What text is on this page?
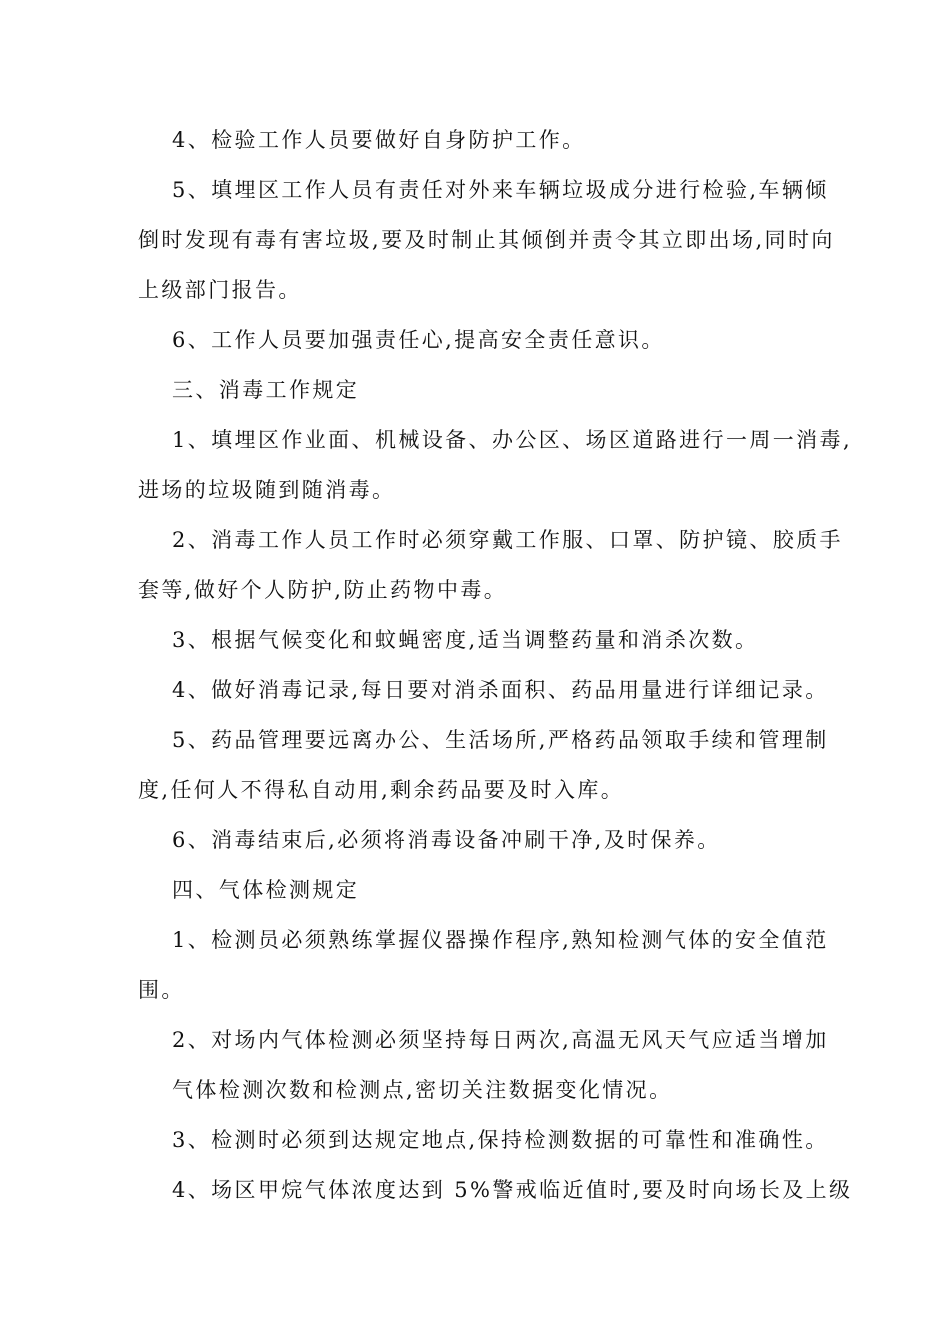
4、检验工作人员要做好自身防护工作。
5、填埋区工作人员有责任对外来车辆垃圾成分进行检验,车辆倾
倒时发现有毒有害垃圾,要及时制止其倾倒并责令其立即出场,同时向
上级部门报告。
6、工作人员要加强责任心,提高安全责任意识。
三、消毒工作规定
1、填埋区作业面、机械设备、办公区、场区道路进行一周一消毒,
进场的垃圾随到随消毒。
2、消毒工作人员工作时必须穿戴工作服、口罩、防护镜、胶质手
套等,做好个人防护,防止药物中毒。
3、根据气候变化和蚊蝇密度,适当调整药量和消杀次数。
4、做好消毒记录,每日要对消杀面积、药品用量进行详细记录。
5、药品管理要远离办公、生活场所,严格药品领取手续和管理制
度,任何人不得私自动用,剩余药品要及时入库。
6、消毒结束后,必须将消毒设备冲刷干净,及时保养。
四、气体检测规定
1、检测员必须熟练掌握仪器操作程序,熟知检测气体的安全值范
围。
2、对场内气体检测必须坚持每日两次,高温无风天气应适当增加
气体检测次数和检测点,密切关注数据变化情况。
3、检测时必须到达规定地点,保持检测数据的可靠性和准确性。
4、场区甲烷气体浓度达到 5%警戒临近值时,要及时向场长及上级
